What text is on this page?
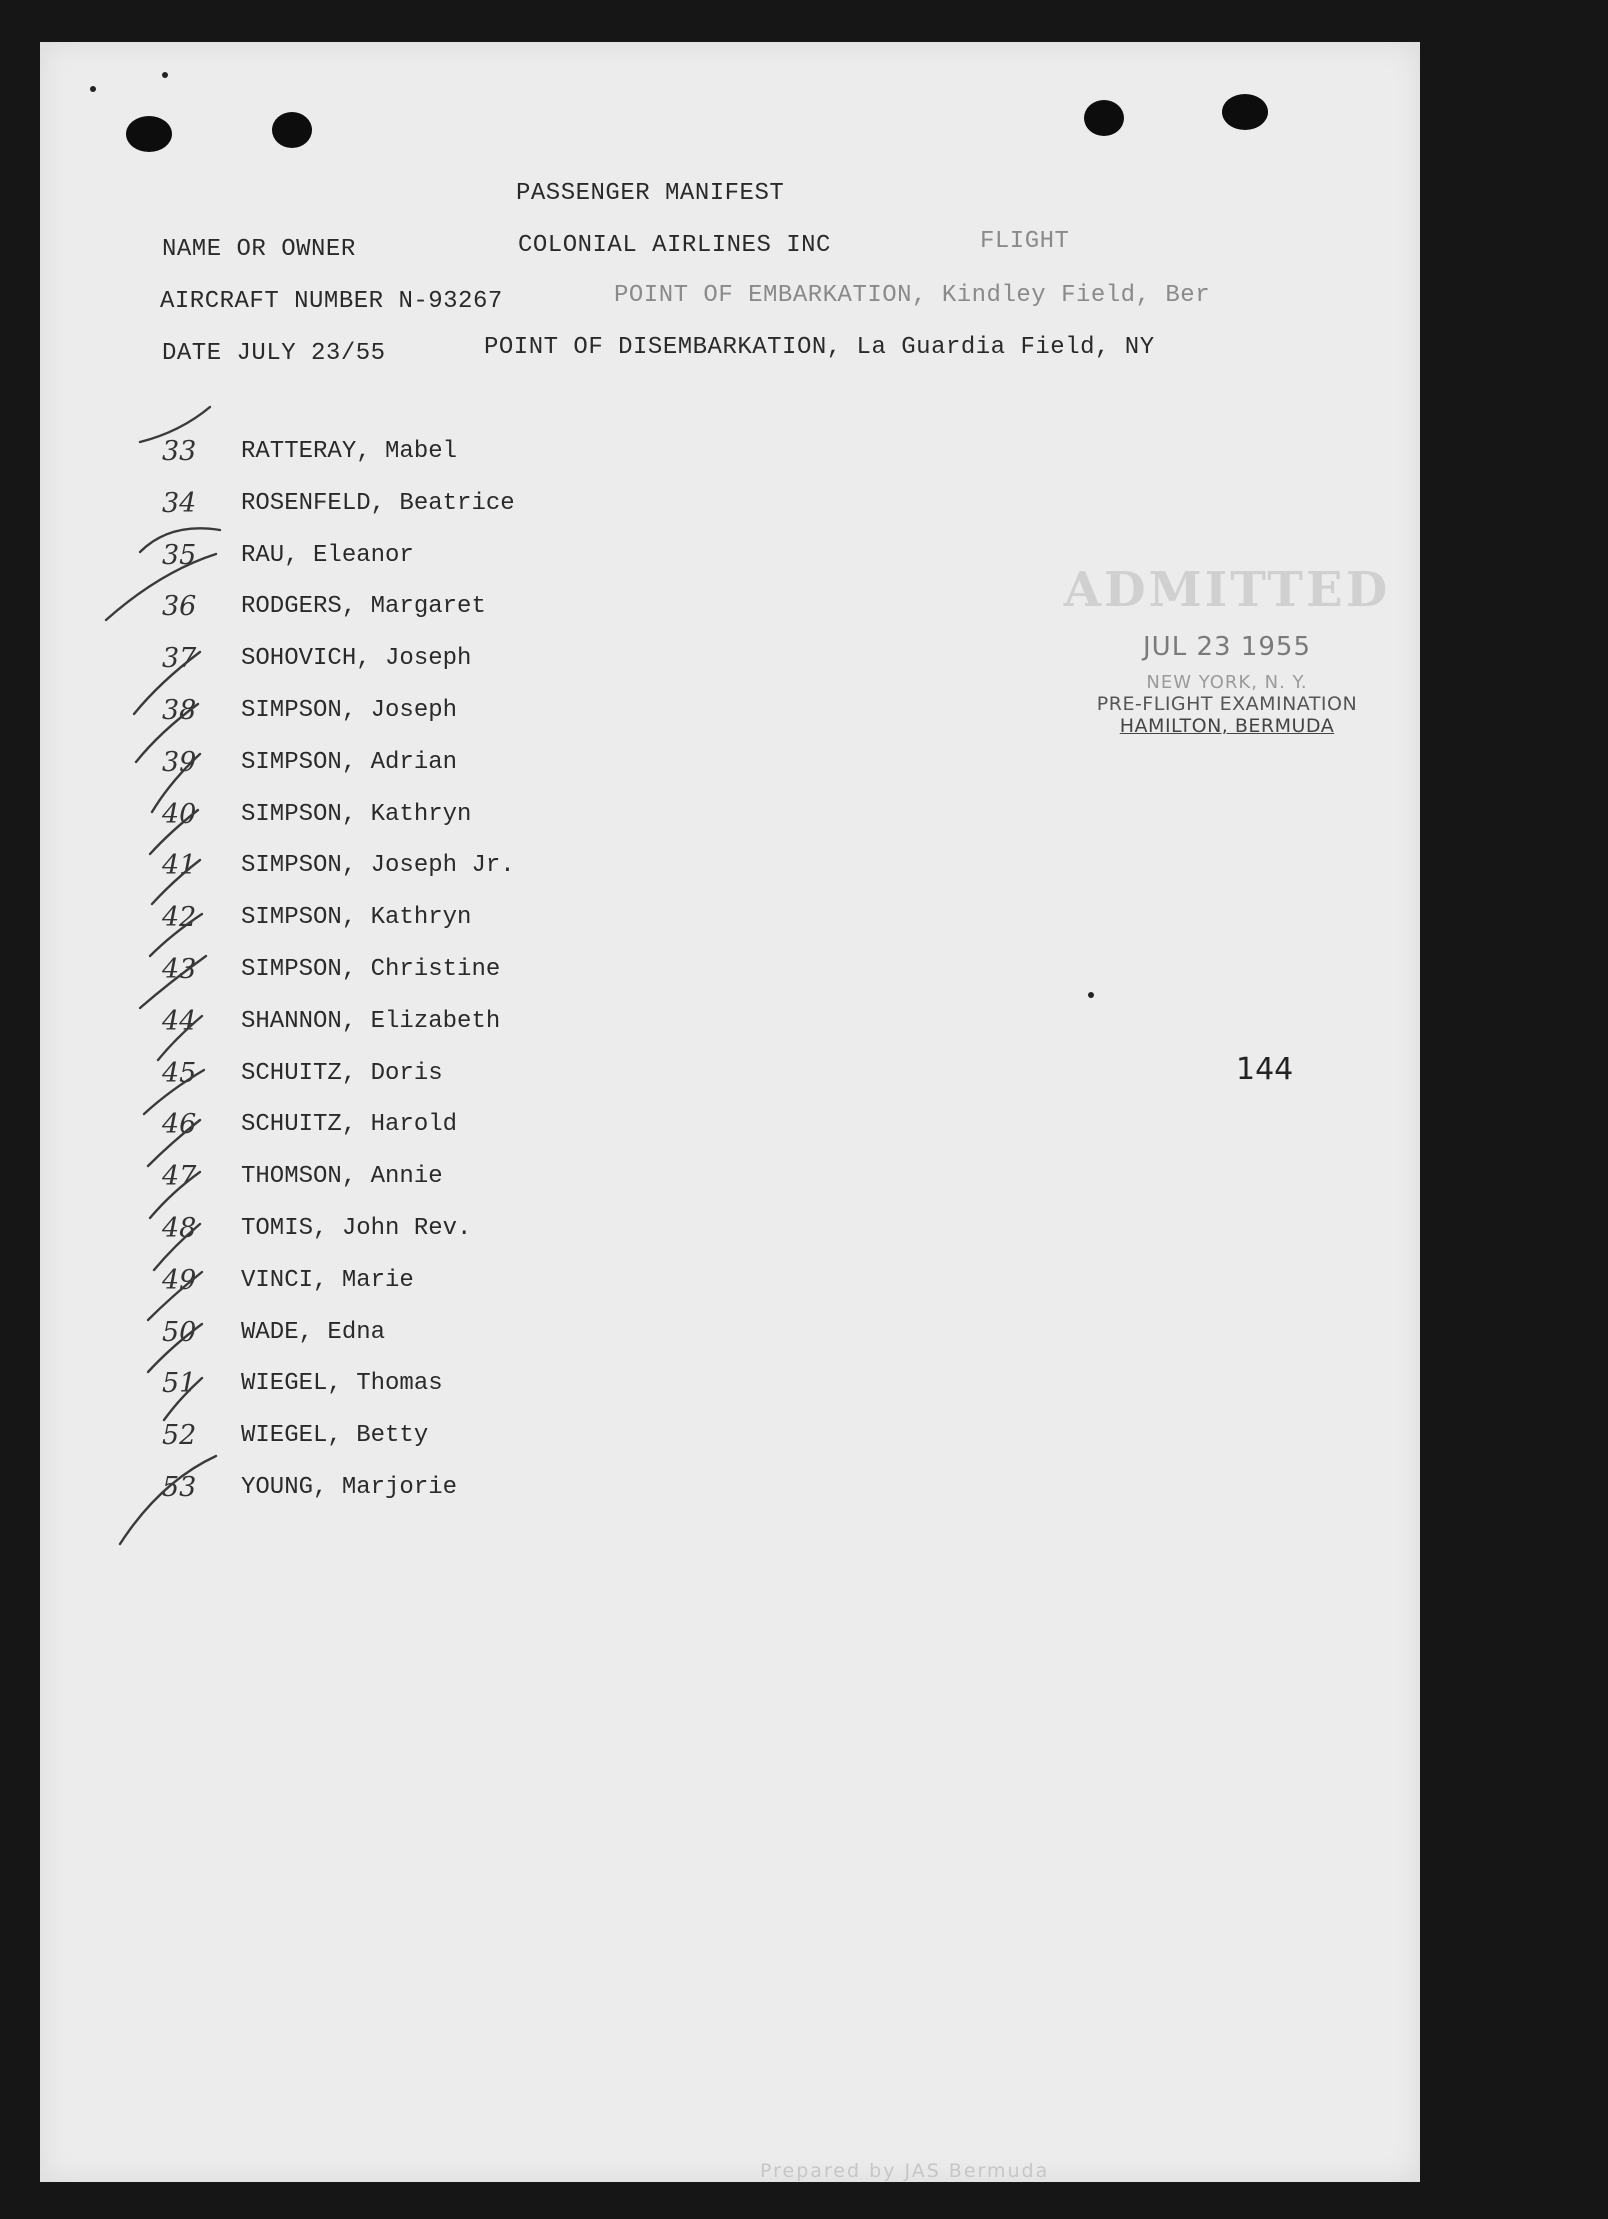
PASSENGER MANIFEST
NAME OR OWNER	COLONIAL AIRLINES INC	FLIGHT
AIRCRAFT NUMBER N-93267	POINT OF EMBARKATION, Kindley Field, Ber
DATE JULY 23/55	POINT OF DISEMBARKATION, La Guardia Field, NY
33 RATTERAY, Mabel
34 ROSENFELD, Beatrice
35 RAU, Eleanor
36 RODGERS, Margaret
37 SOHOVICH, Joseph
38 SIMPSON, Joseph
39 SIMPSON, Adrian
40 SIMPSON, Kathryn
41 SIMPSON, Joseph Jr.
42 SIMPSON, Kathryn
43 SIMPSON, Christine
44 SHANNON, Elizabeth
45 SCHUITZ, Doris
46 SCHUITZ, Harold
47 THOMSON, Annie
48 TOMIS, John Rev.
49 VINCI, Marie
50 WADE, Edna
51 WIEGEL, Thomas
52 WIEGEL, Betty
53 YOUNG, Marjorie
ADMITTED
JUL 23 1955
NEW YORK, N. Y.
PRE-FLIGHT EXAMINATION
HAMILTON, BERMUDA
144
Prepared by JAS Bermuda
